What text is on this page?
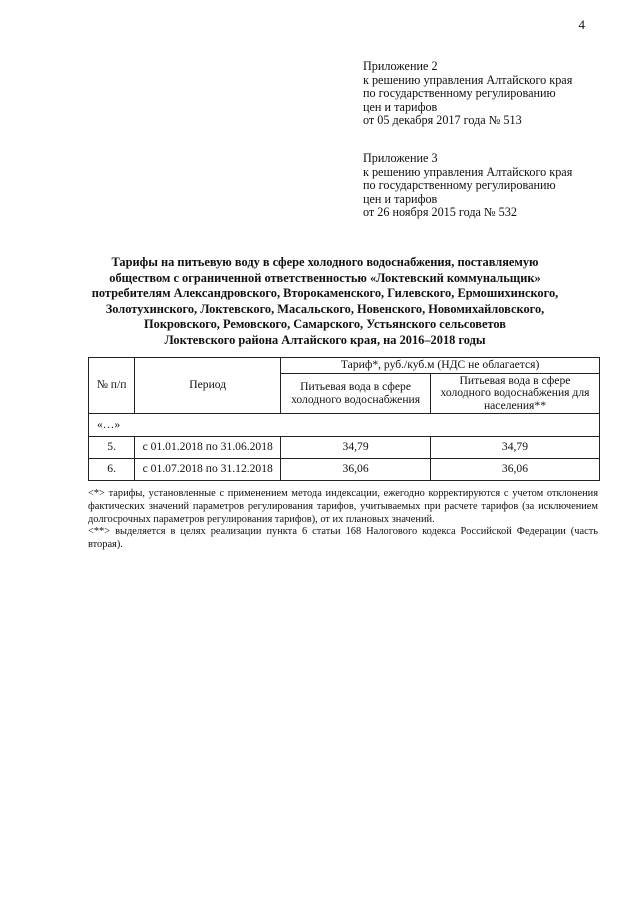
4
Приложение 2
к решению управления Алтайского края
по государственному регулированию
цен и тарифов
от 05 декабря 2017 года № 513
Приложение 3
к решению управления Алтайского края
по государственному регулированию
цен и тарифов
от 26 ноября 2015 года № 532
Тарифы на питьевую воду в сфере холодного водоснабжения, поставляемую
обществом с ограниченной ответственностью «Локтевский коммунальщик»
потребителям Александровского, Второкаменского, Гилевского, Ермошихинского,
Золотухинского, Локтевского, Масальского, Новенского, Новомихайловского,
Покровского, Ремовского, Самарского, Устьянского сельсоветов
Локтевского района Алтайского края, на 2016–2018 годы
№ п/п	Период	Тариф*, руб./куб.м (НДС не облагается)	
		Питьевая вода в сфере холодного водоснабжения	Питьевая вода в сфере холодного водоснабжения для населения**
«…»			
5.	с 01.01.2018 по 31.06.2018	34,79	34,79
6.	с 01.07.2018 по 31.12.2018	36,06	36,06

<*> тарифы, установленные с применением метода индексации, ежегодно корректируются с учетом отклонения фактических значений параметров регулирования тарифов, учитываемых при расчете тарифов (за исключением долгосрочных параметров регулирования тарифов), от их плановых значений.

<**> выделяется в целях реализации пункта 6 статьи 168 Налогового кодекса Российской Федерации (часть вторая).
